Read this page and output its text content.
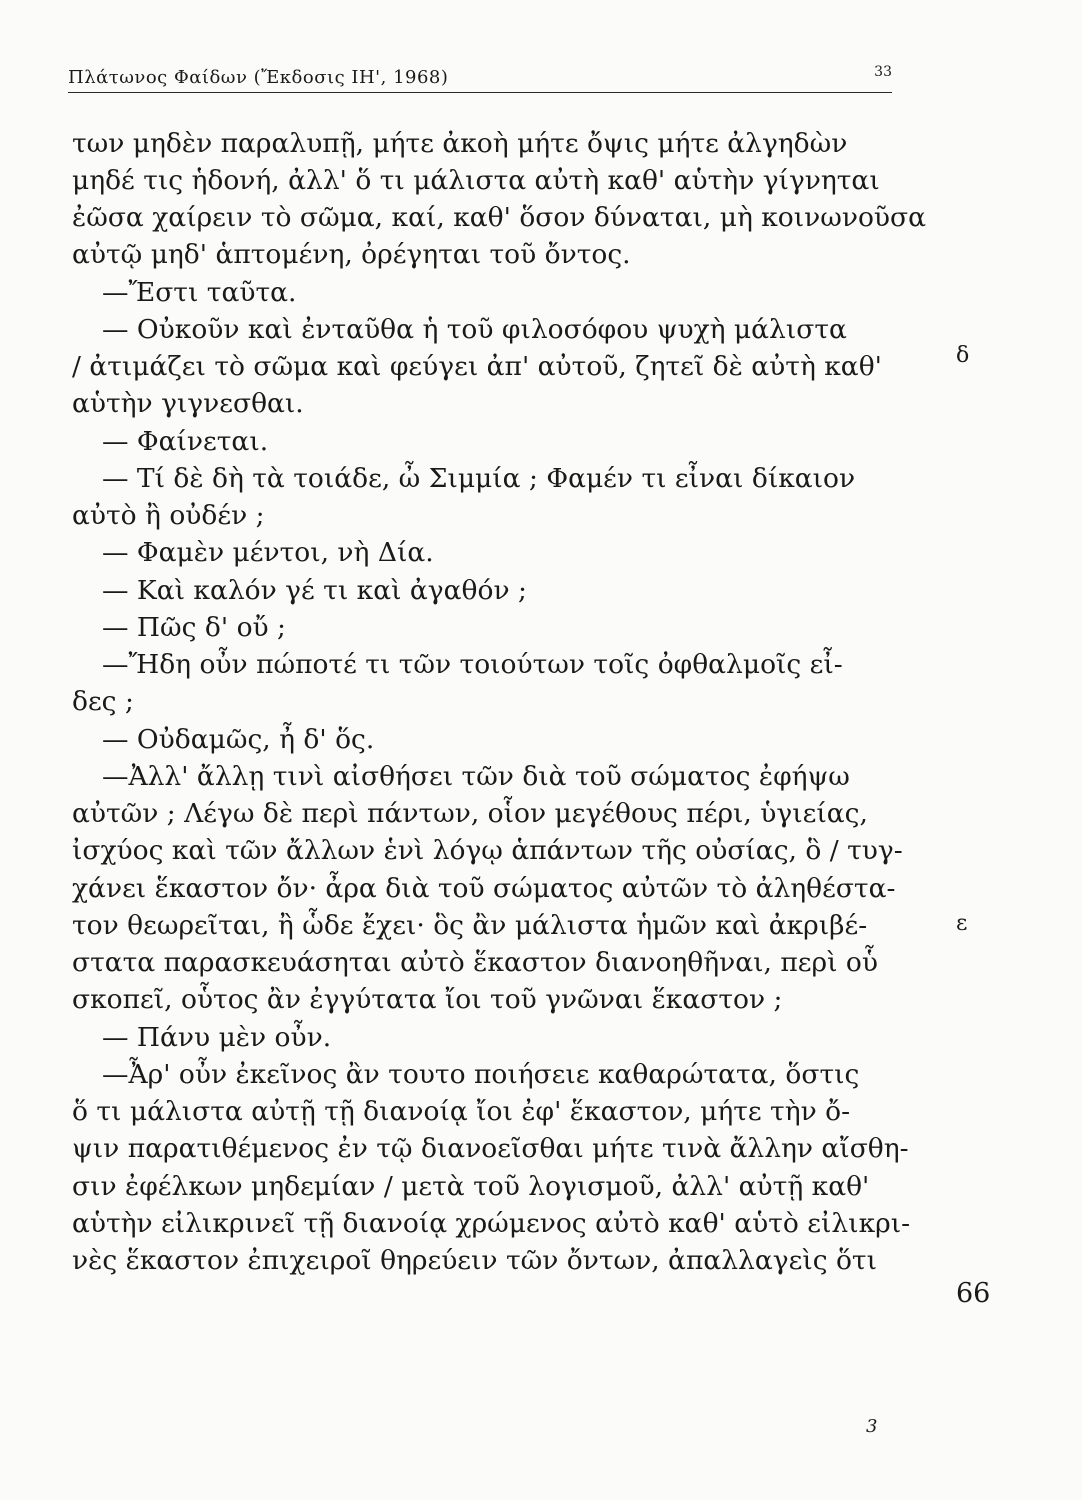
Πλάτωνος Φαίδων (Ἔκδοσις ΙΗ', 1968)	33
των μηδὲν παραλυπῇ, μήτε ἀκοὴ μήτε ὄψις μήτε ἀλγηδὼν
μηδέ τις ἡδονή, ἀλλ' ὅ τι μάλιστα αὐτὴ καθ' αὑτὴν γίγνηται
ἐῶσα χαίρειν τὸ σῶμα, καί, καθ' ὅσον δύναται, μὴ κοινωνοῦσα
αὐτῷ μηδ' ἁπτομένη, ὀρέγηται τοῦ ὄντος.
—Ἔστι ταῦτα.
— Οὐκοῦν καὶ ἐνταῦθα ἡ τοῦ φιλοσόφου ψυχὴ μάλιστα
/ ἀτιμάζει τὸ σῶμα καὶ φεύγει ἀπ' αὐτοῦ, ζητεῖ δὲ αὐτὴ καθ'
αὑτὴν γιγνεσθαι.
— Φαίνεται.
— Τί δὲ δὴ τὰ τοιάδε, ὦ Σιμμία ; Φαμέν τι εἶναι δίκαιον
αὐτὸ ἢ οὐδέν ;
— Φαμὲν μέντοι, νὴ Δία.
— Καὶ καλόν γέ τι καὶ ἀγαθόν ;
— Πῶς δ' οὔ ;
—Ἤδη οὖν πώποτέ τι τῶν τοιούτων τοῖς ὀφθαλμοῖς εἶ-
δες ;
— Οὐδαμῶς, ἦ δ' ὅς.
—Ἀλλ' ἄλλῃ τινὶ αἰσθήσει τῶν διὰ τοῦ σώματος ἐφήψω
αὐτῶν ; Λέγω δὲ περὶ πάντων, οἷον μεγέθους πέρι, ὑγιείας,
ἰσχύος καὶ τῶν ἄλλων ἑνὶ λόγῳ ἁπάντων τῆς οὐσίας, ὃ / τυγ-
χάνει ἕκαστον ὄν· ἆρα διὰ τοῦ σώματος αὐτῶν τὸ ἀληθέστα-
τον θεωρεῖται, ἢ ὧδε ἔχει· ὃς ἂν μάλιστα ἡμῶν καὶ ἀκριβέ-
στατα παρασκευάσηται αὐτὸ ἕκαστον διανοηθῆναι, περὶ οὗ
σκοπεῖ, οὗτος ἂν ἐγγύτατα ἴοι τοῦ γνῶναι ἕκαστον ;
— Πάνυ μὲν οὖν.
—Ἆρ' οὖν ἐκεῖνος ἂν τουτο ποιήσειε καθαρώτατα, ὅστις
ὅ τι μάλιστα αὐτῇ τῇ διανοίᾳ ἴοι ἐφ' ἕκαστον, μήτε τὴν ὄ-
ψιν παρατιθέμενος ἐν τῷ διανοεῖσθαι μήτε τινὰ ἄλλην αἴσθη-
σιν ἐφέλκων μηδεμίαν / μετὰ τοῦ λογισμοῦ, ἀλλ' αὐτῇ καθ'
αὑτὴν εἰλικρινεῖ τῇ διανοίᾳ χρώμενος αὐτὸ καθ' αὑτὸ εἰλικρι-
νὲς ἕκαστον ἐπιχειροῖ θηρεύειν τῶν ὄντων, ἀπαλλαγεὶς ὅτι
δ
ε
66
3
